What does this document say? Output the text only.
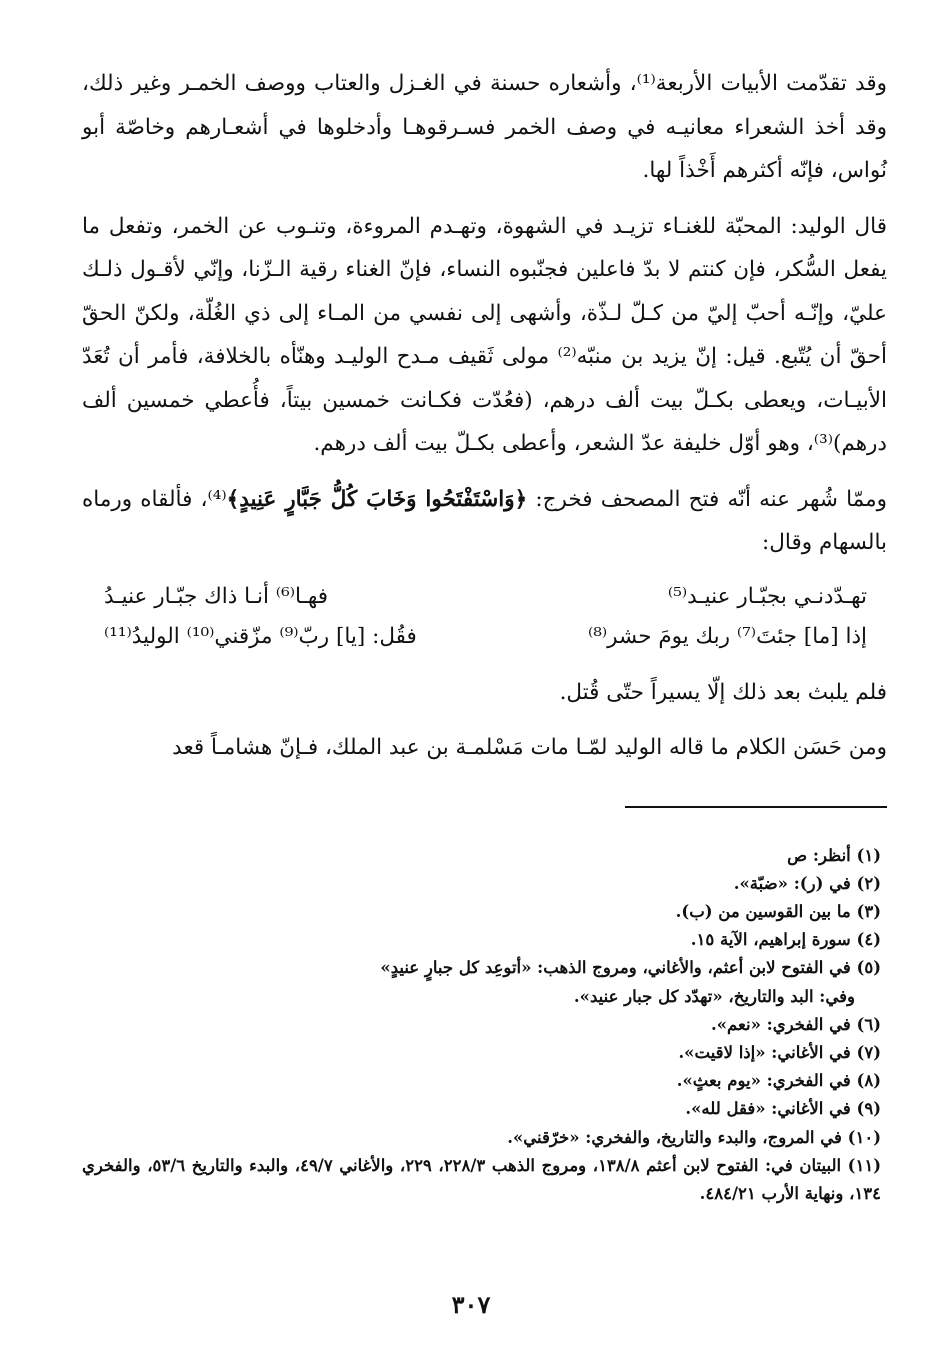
وقد تقدّمت الأبيات الأربعة⁽¹⁾، وأشعاره حسنة في الغـزل والعتاب ووصف الخمـر وغير ذلك، وقد أخذ الشعراء معانيـه في وصف الخمر فسـرقوهـا وأدخلوها في أشعـارهم وخاصّة أبو نُواس، فإنّه أكثرهم أَخْذاً لها.

قال الوليد: المحبّة للغنـاء تزيـد في الشهوة، وتهـدم المروءة، وتنـوب عن الخمر، وتفعل ما يفعل السُّكر، فإن كنتم لا بدّ فاعلين فجنّبوه النساء، فإنّ الغناء رقية الـزّنا، وإنّي لأقـول ذلـك عليّ، وإنّـه أحبّ إليّ من كـلّ لـذّة، وأشهى إلى نفسي من المـاء إلى ذي الغُلّة، ولكنّ الحقّ أحقّ أن يُتّبع. قيل: إنّ يزيد بن منبّه⁽²⁾ مولى ثَقيف مـدح الوليـد وهنّأه بالخلافة، فأمر أن تُعَدّ الأبيـات، ويعطى بكـلّ بيت ألف درهم، (فعُدّت فكـانت خمسين بيتاً، فأُعطي خمسين ألف درهم)⁽³⁾، وهو أوّل خليفة عدّ الشعر، وأعطى بكـلّ بيت ألف درهم.

وممّا شُهر عنه أنّه فتح المصحف فخرج: ﴿وَاسْتَفْتَحُوا وَخَابَ كُلُّ جَبَّارٍ عَنِيدٍ﴾⁽⁴⁾، فألقاه ورماه بالسهام وقال:

تهـدّدنـي بجبّـار عنيـد⁽⁵⁾
فهـا⁽⁶⁾ أنـا ذاك جبّـار عنيـدُ
إذا [ما] جئتَ⁽⁷⁾ ربك يومَ حشر⁽⁸⁾
فقُل: [يا] ربّ⁽⁹⁾ مزّقني⁽¹⁰⁾ الوليدُ⁽¹¹⁾

فلم يلبث بعد ذلك إلّا يسيراً حتّى قُتل.

ومن حَسَن الكلام ما قاله الوليد لمّـا مات مَسْلمـة بن عبد الملك، فـإنّ هشامـاً قعد

(١) أنظر: ص

(٢) في (ر): «ضبّة».

(٣) ما بين القوسين من (ب).

(٤) سورة إبراهيم، الآية ١٥.

(٥) في الفتوح لابن أعثم، والأغاني، ومروج الذهب: «أتوعِد كل جبارٍ عنيدٍ»

وفي: البد والتاريخ، «تهدّد كل جبار عنيد».

(٦) في الفخري: «نعم».

(٧) في الأغاني: «إذا لاقيت».

(٨) في الفخري: «يوم بعثٍ».

(٩) في الأغاني: «فقل لله».

(١٠) في المروج، والبدء والتاريخ، والفخري: «خرّقني».

(١١) البيتان في: الفتوح لابن أعثم ١٣٨/٨، ومروج الذهب ٢٢٨/٣، ٢٢٩، والأغاني ٤٩/٧، والبدء والتاريخ ٥٣/٦، والفخري ١٣٤، ونهاية الأرب ٤٨٤/٢١.

٣٠٧
